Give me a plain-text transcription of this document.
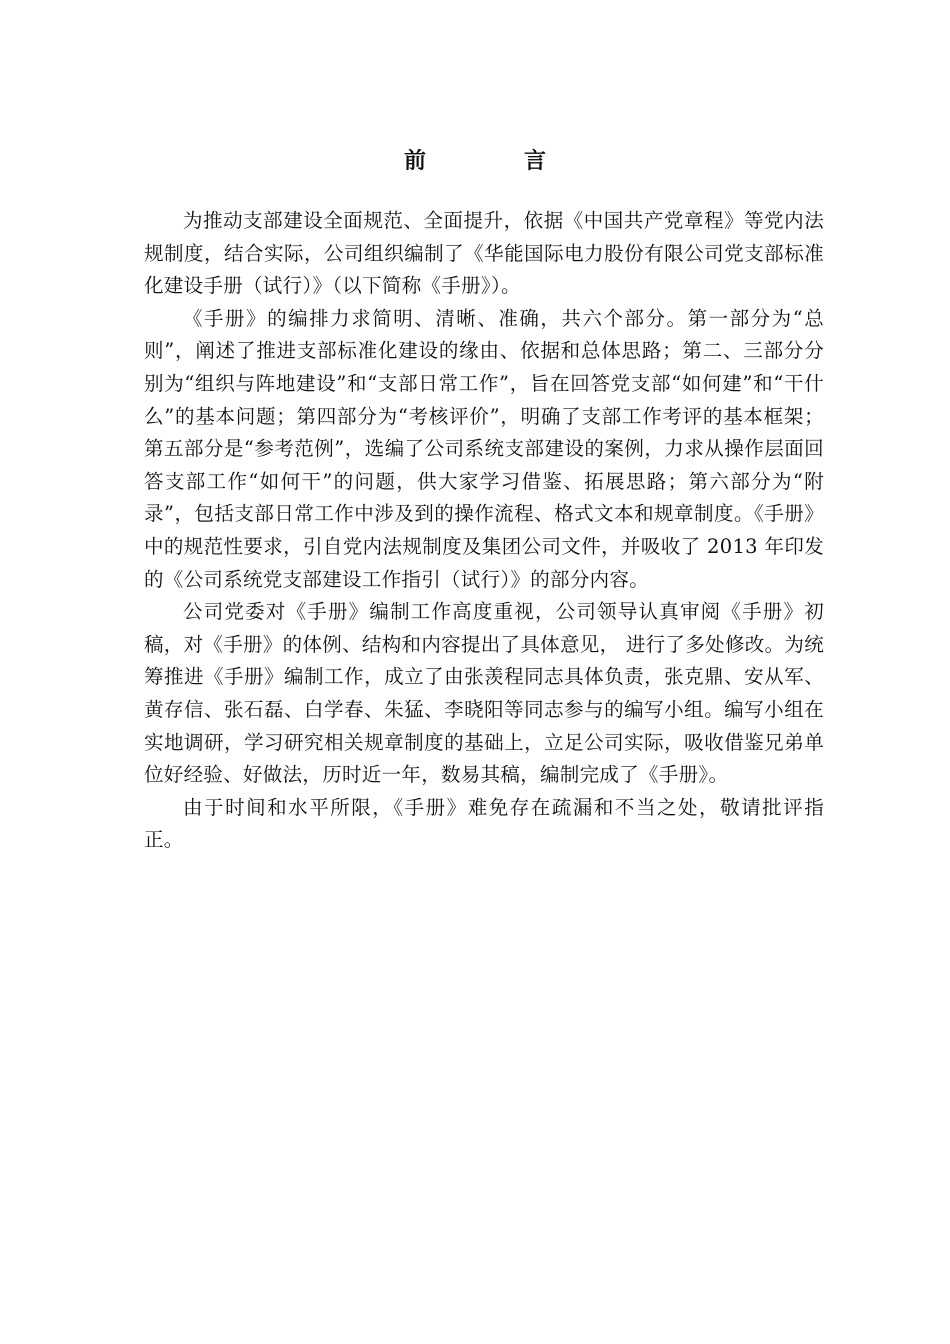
前　言

为推动支部建设全面规范、全面提升，依据《中国共产党章程》等党内法规制度，结合实际，公司组织编制了《华能国际电力股份有限公司党支部标准化建设手册（试行）》（以下简称《手册》）。

《手册》的编排力求简明、清晰、准确，共六个部分。第一部分为“总则”，阐述了推进支部标准化建设的缘由、依据和总体思路；第二、三部分分别为“组织与阵地建设”和“支部日常工作”，旨在回答党支部“如何建”和“干什么”的基本问题；第四部分为“考核评价”，明确了支部工作考评的基本框架；第五部分是“参考范例”，选编了公司系统支部建设的案例，力求从操作层面回答支部工作“如何干”的问题，供大家学习借鉴、拓展思路；第六部分为“附录”，包括支部日常工作中涉及到的操作流程、格式文本和规章制度。《手册》中的规范性要求，引自党内法规制度及集团公司文件，并吸收了 2013 年印发的《公司系统党支部建设工作指引（试行）》的部分内容。

公司党委对《手册》编制工作高度重视，公司领导认真审阅《手册》初稿，对《手册》的体例、结构和内容提出了具体意见， 进行了多处修改。为统筹推进《手册》编制工作，成立了由张羡程同志具体负责，张克鼎、安从军、黄存信、张石磊、白学春、朱猛、李晓阳等同志参与的编写小组。编写小组在实地调研，学习研究相关规章制度的基础上，立足公司实际，吸收借鉴兄弟单位好经验、好做法，历时近一年，数易其稿，编制完成了《手册》。

由于时间和水平所限，《手册》难免存在疏漏和不当之处，敬请批评指正。
